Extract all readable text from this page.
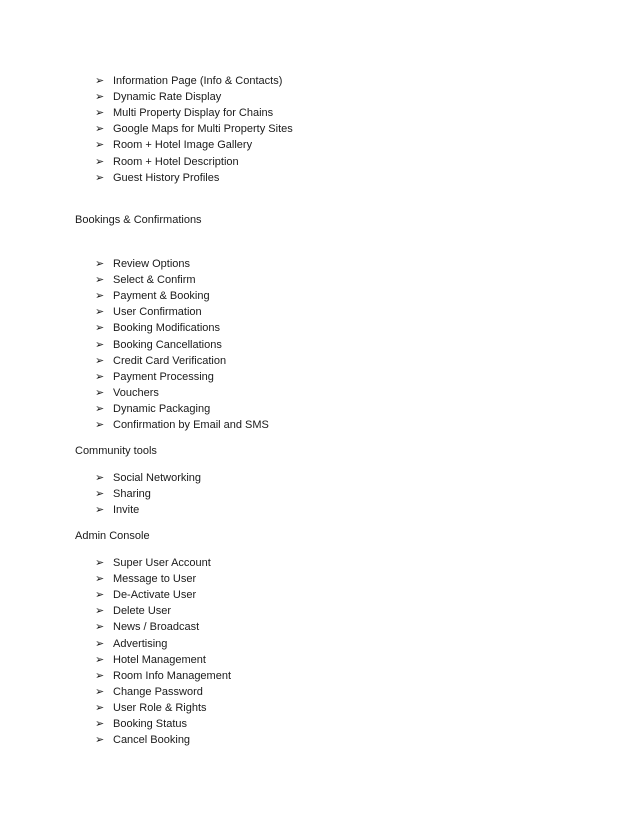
➢ Information Page (Info & Contacts)
➢ Dynamic Rate Display
➢ Multi Property Display for Chains
➢ Google Maps for Multi Property Sites
➢ Room + Hotel Image Gallery
➢ Room + Hotel Description
➢ Guest History Profiles
Bookings & Confirmations
➢ Review Options
➢ Select & Confirm
➢ Payment & Booking
➢ User Confirmation
➢ Booking Modifications
➢ Booking Cancellations
➢ Credit Card Verification
➢ Payment Processing
➢ Vouchers
➢ Dynamic Packaging
➢ Confirmation by Email and SMS
Community tools
➢ Social Networking
➢ Sharing
➢ Invite
Admin Console
➢ Super User Account
➢ Message to User
➢ De-Activate User
➢ Delete User
➢ News / Broadcast
➢ Advertising
➢ Hotel Management
➢ Room Info Management
➢ Change Password
➢ User Role & Rights
➢ Booking Status
➢ Cancel Booking
